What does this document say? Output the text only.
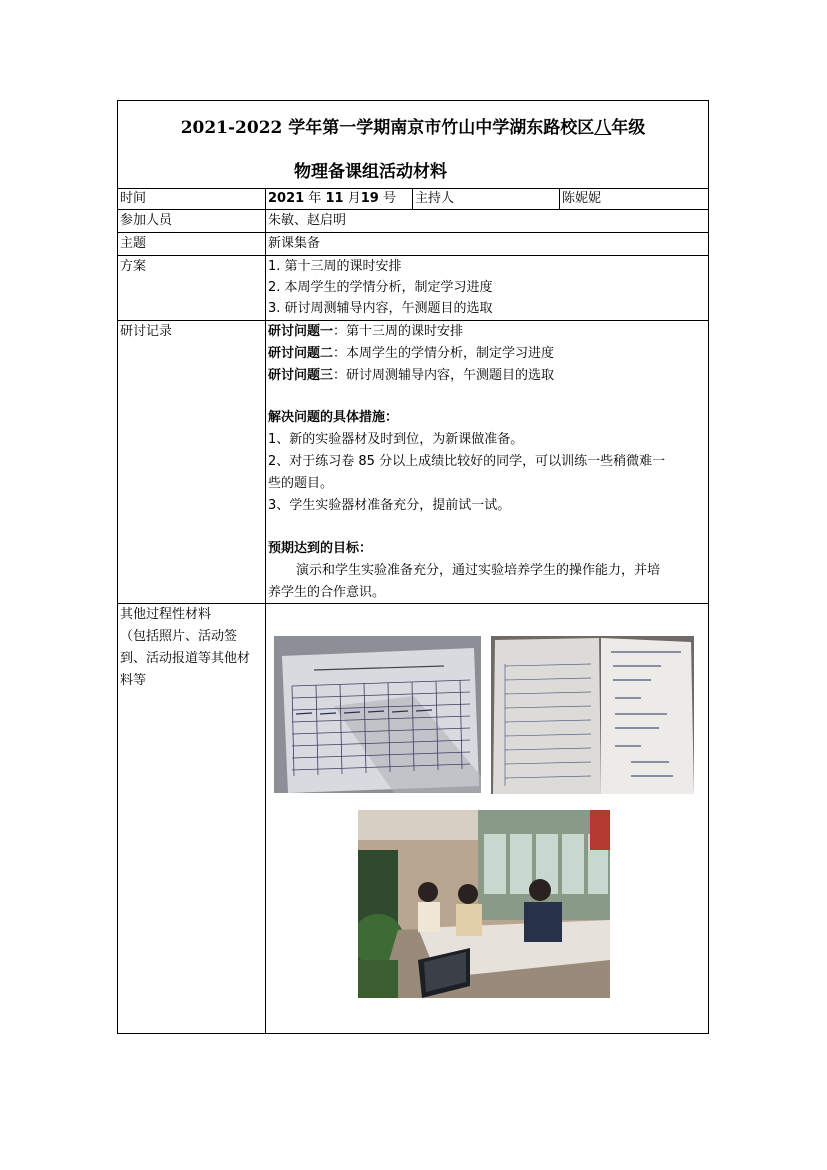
2021-2022 学年第一学期南京市竹山中学湖东路校区八年级
物理备课组活动材料
时间	2021 年 11 月19 号 主持人	陈妮妮
参加人员	朱敏、赵启明
主题	新课集备
方案	1. 第十三周的课时安排
2. 本周学生的学情分析，制定学习进度
3. 研讨周测辅导内容，午测题目的选取
研讨记录	研讨问题一：第十三周的课时安排
研讨问题二：本周学生的学情分析，制定学习进度
研讨问题三：研讨周测辅导内容，午测题目的选取
解决问题的具体措施：
1、新的实验器材及时到位，为新课做准备。
2、对于练习卷 85 分以上成绩比较好的同学，可以训练一些稍微难一
些的题目。
3、学生实验器材准备充分，提前试一试。
预期达到的目标：
演示和学生实验准备充分，通过实验培养学生的操作能力，并培
养学生的合作意识。
其他过程性材料
（包括照片、活动签
到、活动报道等其他材
料等
